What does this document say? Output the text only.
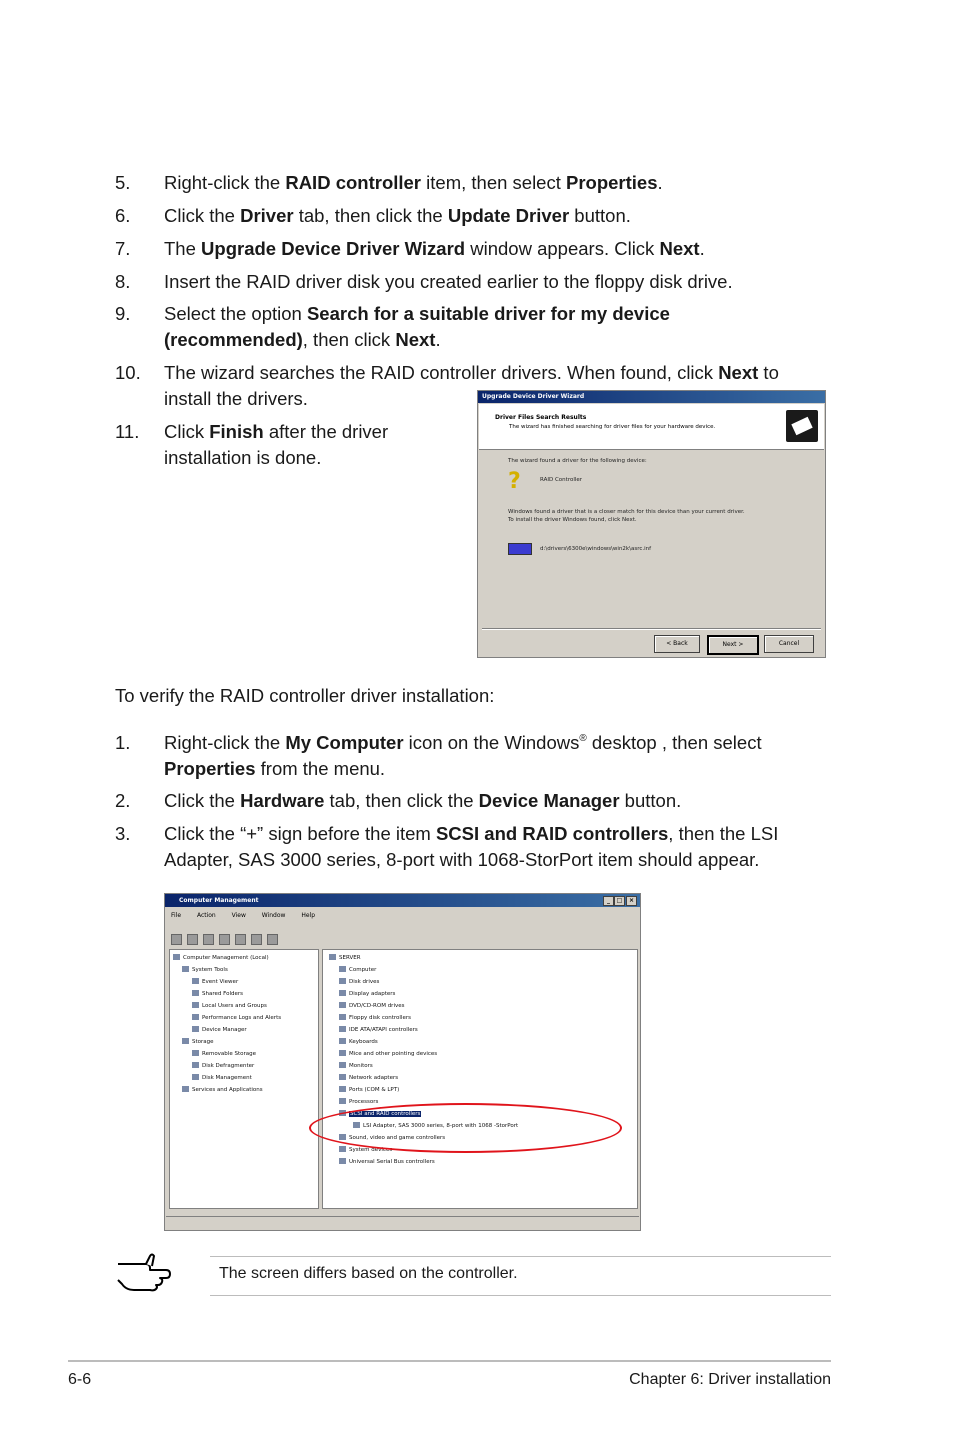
5.	Right-click the RAID controller item, then select Properties.
6.	Click the Driver tab, then click the Update Driver button.
7.	The Upgrade Device Driver Wizard window appears. Click Next.
8.	Insert the RAID driver disk you created earlier to the floppy disk drive.
9.	Select the option Search for a suitable driver for my device
(recommended), then click Next.
10.	The wizard searches the RAID controller drivers. When found, click Next to
install the drivers.
11.	Click Finish after the driver
installation is done.
Upgrade Device Driver Wizard
Driver Files Search Results
The wizard has finished searching for driver files for your hardware device.
The wizard found a driver for the following device:
?	RAID Controller
Windows found a driver that is a closer match for this device than your current driver.
To install the driver Windows found, click Next.
d:\drivers\6300e\windows\win2k\asrc.inf
< Back	Next >	Cancel
To verify the RAID controller driver installation:
1.	Right-click the My Computer icon on the Windows® desktop , then select
Properties from the menu.
2.	Click the Hardware tab, then click the Device Manager button.
3.	Click the “+” sign before the item SCSI and RAID controllers, then the LSI
Adapter, SAS 3000 series, 8-port with 1068-StorPort item should appear.
Computer Management	_	□	×
File Action View Window Help
Computer Management (Local)
System Tools
Event Viewer
Shared Folders
Local Users and Groups
Performance Logs and Alerts
Device Manager
Storage
Removable Storage
Disk Defragmenter
Disk Management
Services and Applications
SERVER
Computer
Disk drives
Display adapters
DVD/CD-ROM drives
Floppy disk controllers
IDE ATA/ATAPI controllers
Keyboards
Mice and other pointing devices
Monitors
Network adapters
Ports (COM & LPT)
Processors
SCSI and RAID controllers
LSI Adapter, SAS 3000 series, 8-port with 1068 -StorPort
Sound, video and game controllers
System devices
Universal Serial Bus controllers
The screen differs based on the controller.
6-6	Chapter 6: Driver installation
